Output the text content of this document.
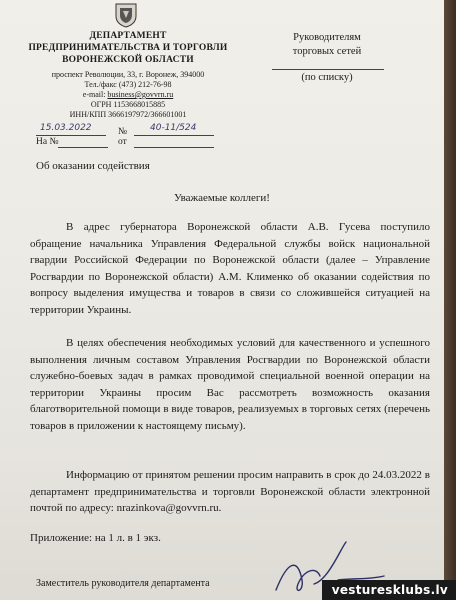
ДЕПАРТАМЕНТ
ПРЕДПРИНИМАТЕЛЬСТВА И ТОРГОВЛИ
ВОРОНЕЖСКОЙ ОБЛАСТИ
проспект Революции, 33, г. Воронеж, 394000
Тел./факс (473) 212-76-98
e-mail: business@govvrn.ru
ОГРН 1153668015885
ИНН/КПП 3666197972/366601001
Руководителям
торговых сетей
(по списку)
15.03.2022	№	40-11/524
На №	от
Об оказании содействия
Уважаемые коллеги!
В адрес губернатора Воронежской области А.В. Гусева поступило обращение начальника Управления Федеральной службы войск национальной гвардии Российской Федерации по Воронежской области (далее – Управление Росгвардии по Воронежской области) А.М. Клименко об оказании содействия по вопросу выделения имущества и товаров в связи со сложившейся ситуацией на территории Украины.
В целях обеспечения необходимых условий для качественного и успешного выполнения личным составом Управления Росгвардии по Воронежской области служебно-боевых задач в рамках проводимой специальной военной операции на территории Украины просим Вас рассмотреть возможность оказания благотворительной помощи в виде товаров, реализуемых в торговых сетях (перечень товаров в приложении к настоящему письму).
Информацию от принятом решении просим направить в срок до 24.03.2022 в департамент предпринимательства и торговли Воронежской области электронной почтой по адресу: nrazinkova@govvrn.ru.
Приложение: на 1 л. в 1 экз.
Заместитель руководителя департамента	vesturesklubs.lv
